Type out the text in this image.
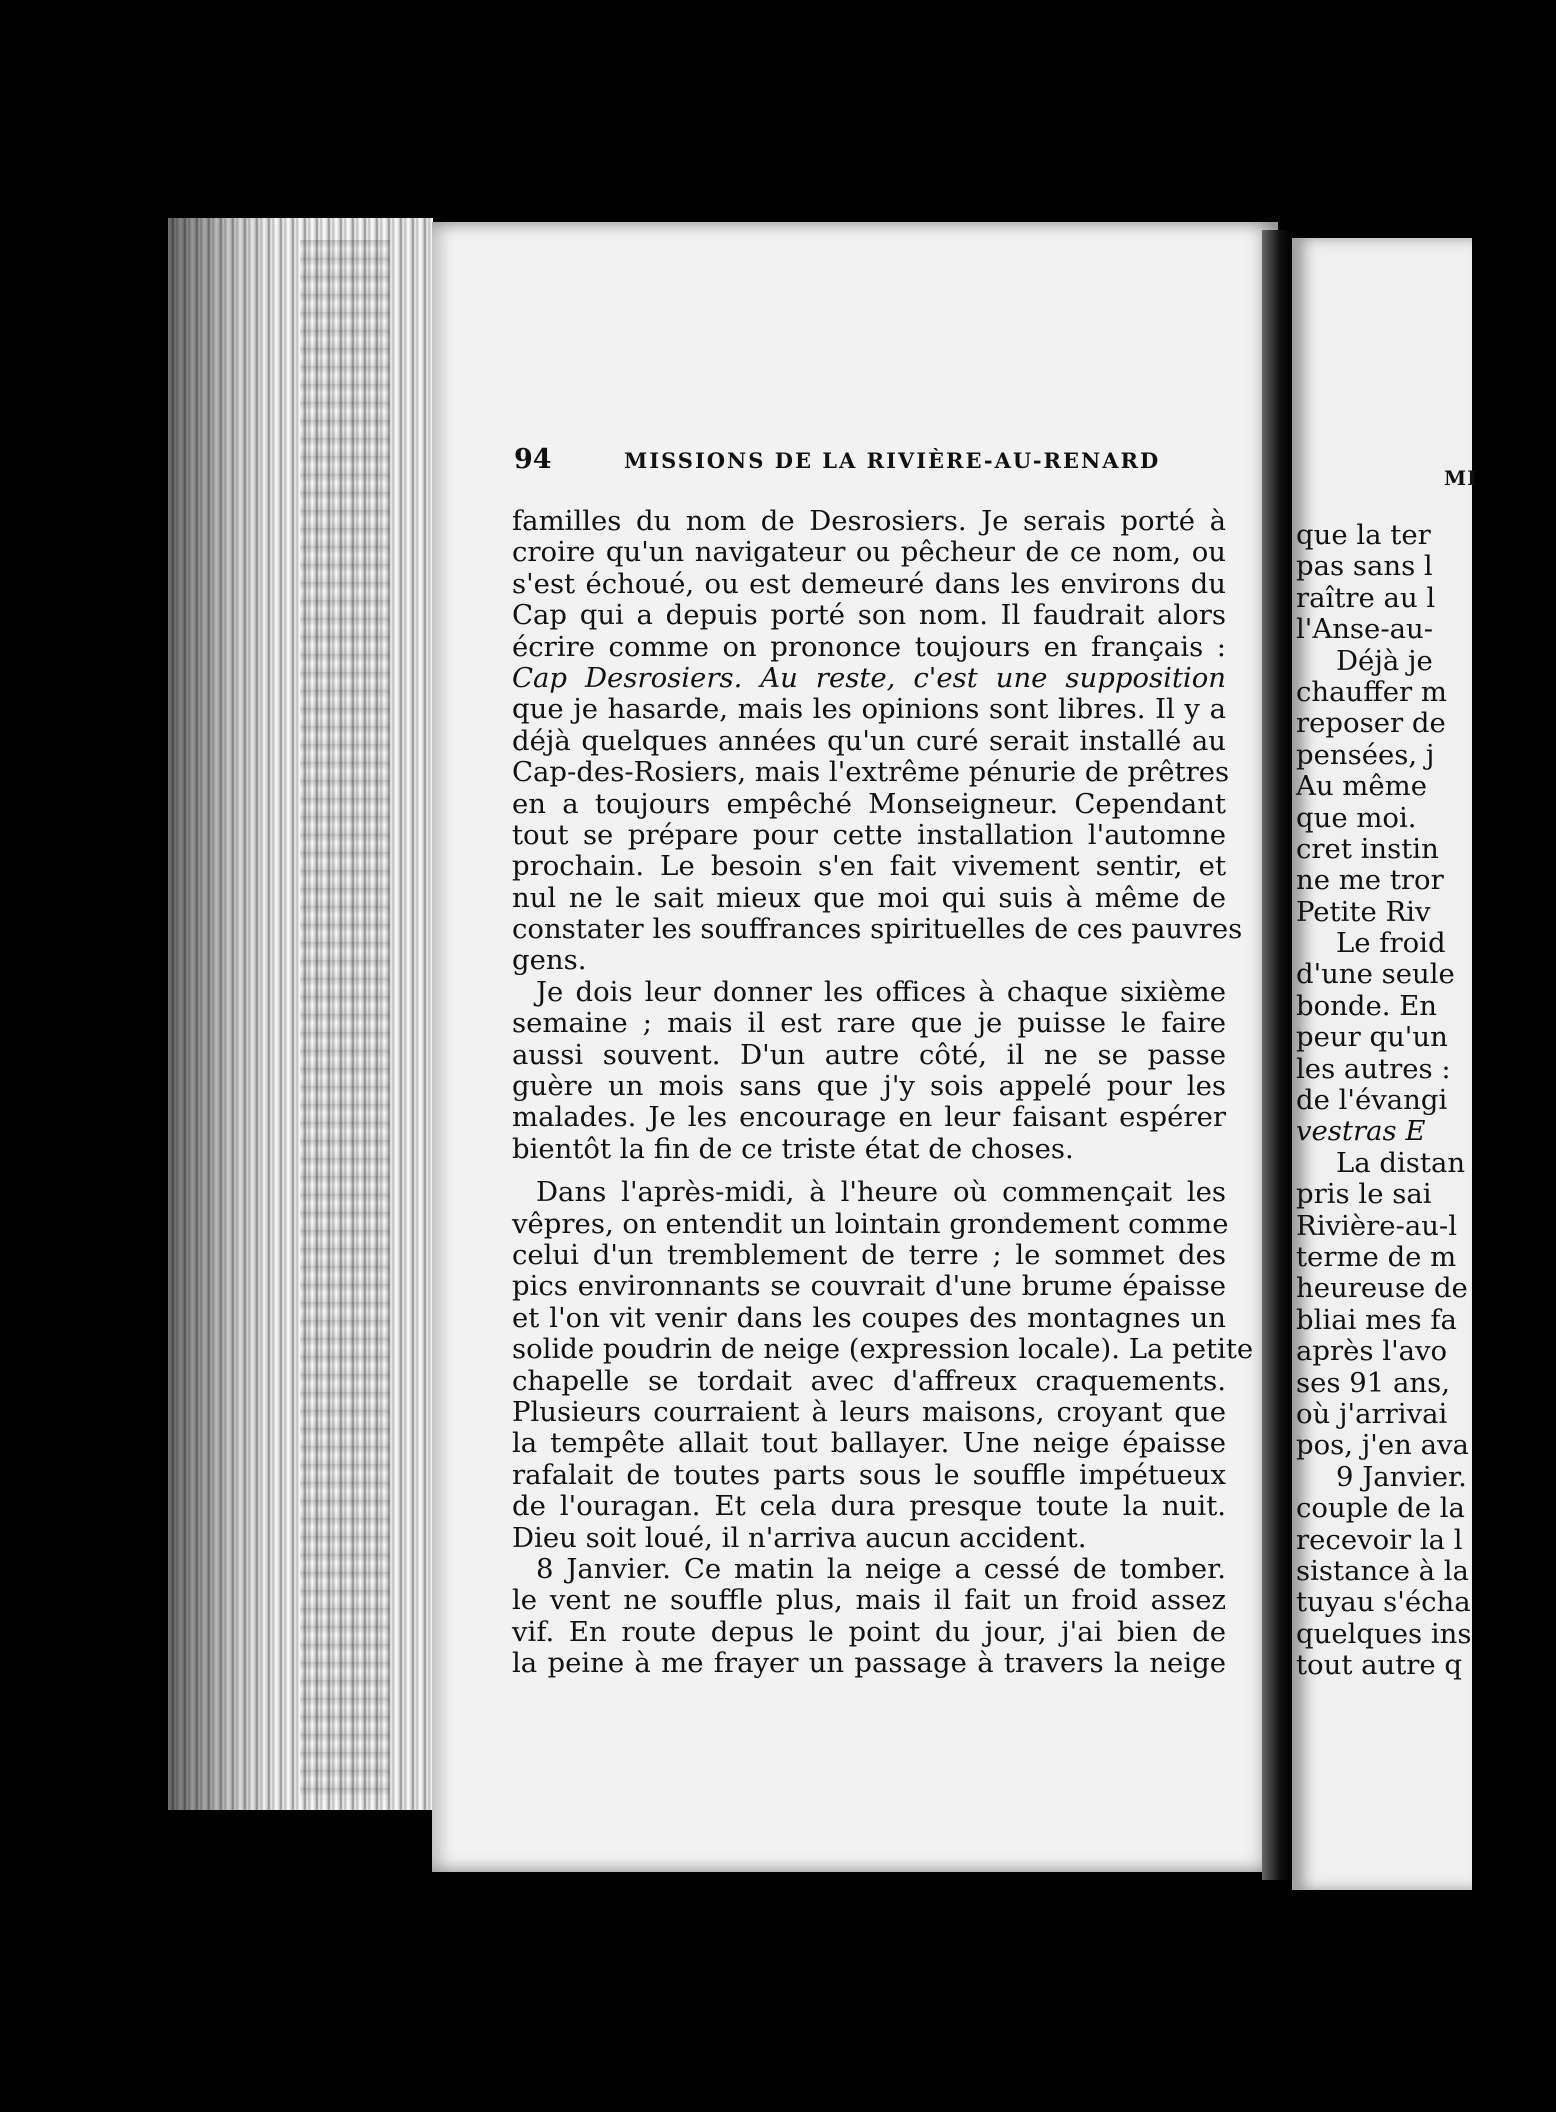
94	MISSIONS DE LA RIVIÈRE-AU-RENARD
familles du nom de Desrosiers. Je serais porté à
croire qu'un navigateur ou pêcheur de ce nom, ou
s'est échoué, ou est demeuré dans les environs du
Cap qui a depuis porté son nom. Il faudrait alors
écrire comme on prononce toujours en français :
Cap Desrosiers. Au reste, c'est une supposition
que je hasarde, mais les opinions sont libres. Il y a
déjà quelques années qu'un curé serait installé au
Cap-des-Rosiers, mais l'extrême pénurie de prêtres
en a toujours empêché Monseigneur. Cependant
tout se prépare pour cette installation l'automne
prochain. Le besoin s'en fait vivement sentir, et
nul ne le sait mieux que moi qui suis à même de
constater les souffrances spirituelles de ces pauvres
gens.
Je dois leur donner les offices à chaque sixième
semaine ; mais il est rare que je puisse le faire
aussi souvent. D'un autre côté, il ne se passe
guère un mois sans que j'y sois appelé pour les
malades. Je les encourage en leur faisant espérer
bientôt la fin de ce triste état de choses.
Dans l'après-midi, à l'heure où commençait les
vêpres, on entendit un lointain grondement comme
celui d'un tremblement de terre ; le sommet des
pics environnants se couvrait d'une brume épaisse
et l'on vit venir dans les coupes des montagnes un
solide poudrin de neige (expression locale). La petite
chapelle se tordait avec d'affreux craquements.
Plusieurs courraient à leurs maisons, croyant que
la tempête allait tout ballayer. Une neige épaisse
rafalait de toutes parts sous le souffle impétueux
de l'ouragan. Et cela dura presque toute la nuit.
Dieu soit loué, il n'arriva aucun accident.
8 Janvier. Ce matin la neige a cessé de tomber.
le vent ne souffle plus, mais il fait un froid assez
vif. En route depus le point du jour, j'ai bien de
la peine à me frayer un passage à travers la neige
MI
que la ter
pas sans l
raître au l
l'Anse-au-
Déjà je
chauffer m
reposer de
pensées, j
Au même
que moi.
cret instin
ne me tror
Petite Riv
Le froid
d'une seule
bonde. En
peur qu'un
les autres :
de l'évangi
vestras E
La distan
pris le sai
Rivière-au-l
terme de m
heureuse de
bliai mes fa
après l'avo
ses 91 ans,
où j'arrivai
pos, j'en ava
9 Janvier.
couple de la
recevoir la l
sistance à la
tuyau s'écha
quelques ins
tout autre q
